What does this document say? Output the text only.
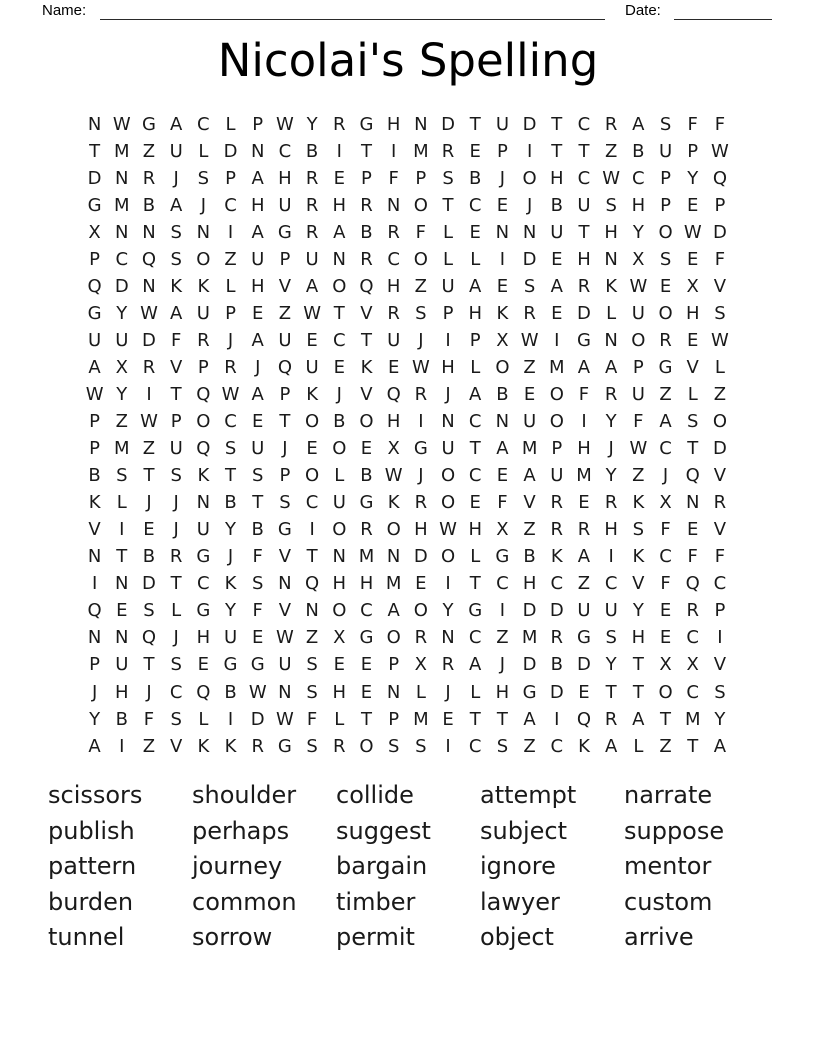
Name:	Date:
Nicolai's Spelling
N W G A C L P W Y R G H N D T U D T C R A S F F
T M Z U L D N C B	I	T	I M R E P	I	T T Z B U P W
D N R	J	S P A H R E P F P S B	J O H C W C P Y Q
G M B A	J	C H U R H R N O T C E	J	B U S H P E P
X N N S N I	A G R A B R F L E N N U T H Y O W D
P C Q S O Z U P U N R C O L L	I D E H N X S E F
Q D N K K L H V A O Q H Z U A E S A R K W E X V
G Y W A U P E Z W T V R S P H K R E D L U O H S
U U D F R	J	A U E C T U J	I	P X W I G N O R E W
A X R V P R	J Q U E K E W H L O Z M A A P G V L
W Y	I	T Q W A P K	J	V Q R	J	A B E O F R U Z L Z
P Z W P O C E T O B O H I N C N U O I	Y F A S O
P M Z U Q S U J	E O E X G U T A M P H J W C T D
B S T S K T S P O L B W J O C E A U M Y Z	J Q V
K L	J	J N B T S C U G K R O E F V R E R K X N R
V	I	E	J U Y B G I O R O H W H X Z R R H S F E V
N T B R G J	F V T N M N D O L G B K A	I	K C F F
I N D T C K S N Q H H M E	I	T C H C Z C V F Q C
Q E S L G Y F V N O C A O Y G I D D U U Y E R P
N N Q J H U E W Z X G O R N C Z M R G S H E C	I
P U T S E G G U S E E P X R A	J D B D Y T X X V
J H J	C Q B W N S H E N L	J	L H G D E T T O C S
Y B F S L	I D W F L T P M E T T A	I Q R A T M Y
A	I	Z V K K R G S R O S S	I	C S Z C K A L Z T A
scissors
publish
pattern
burden
tunnel
shoulder
perhaps
journey
common
sorrow
collide
suggest
bargain
timber
permit
attempt
subject
ignore
lawyer
object
narrate
suppose
mentor
custom
arrive
